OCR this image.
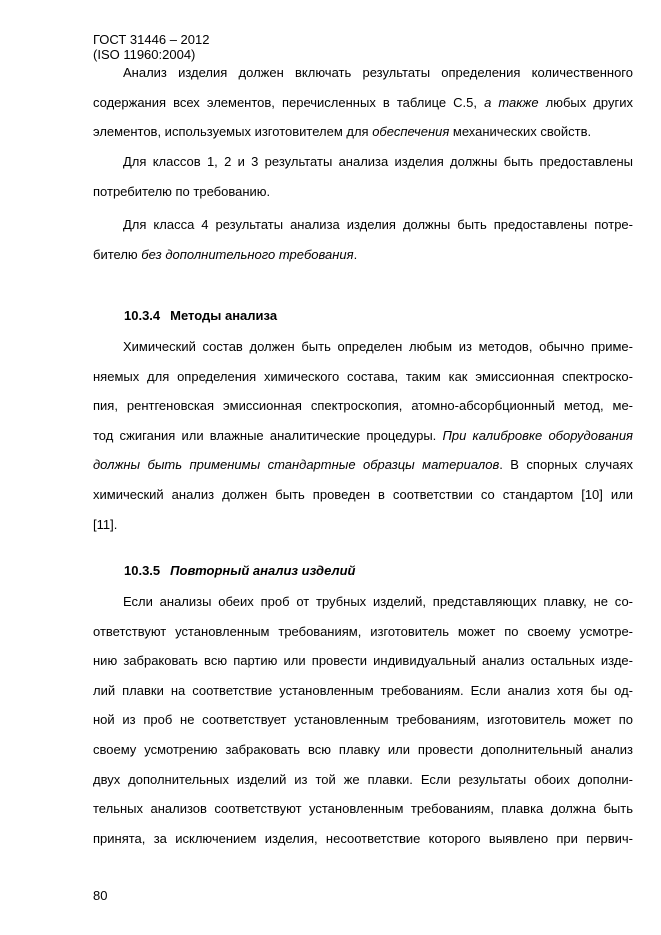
ГОСТ 31446 – 2012
(ISO 11960:2004)
Анализ изделия должен включать результаты определения количественного
содержания всех элементов, перечисленных в таблице С.5, а также любых других
элементов, используемых изготовителем для обеспечения механических свойств.
Для классов 1, 2 и 3 результаты анализа изделия должны быть предоставлены
потребителю по требованию.
Для класса 4 результаты анализа изделия должны быть предоставлены потре-
бителю без дополнительного требования.
10.3.4 Методы анализа
Химический состав должен быть определен любым из методов, обычно приме-
няемых для определения химического состава, таким как эмиссионная спектроско-
пия, рентгеновская эмиссионная спектроскопия, атомно-абсорбционный метод, ме-
тод сжигания или влажные аналитические процедуры. При калибровке оборудования
должны быть применимы стандартные образцы материалов. В спорных случаях
химический анализ должен быть проведен в соответствии со стандартом [10] или
[11].
10.3.5 Повторный анализ изделий
Если анализы обеих проб от трубных изделий, представляющих плавку, не со-
ответствуют установленным требованиям, изготовитель может по своему усмотре-
нию забраковать всю партию или провести индивидуальный анализ остальных изде-
лий плавки на соответствие установленным требованиям. Если анализ хотя бы од-
ной из проб не соответствует установленным требованиям, изготовитель может по
своему усмотрению забраковать всю плавку или провести дополнительный анализ
двух дополнительных изделий из той же плавки. Если результаты обоих дополни-
тельных анализов соответствуют установленным требованиям, плавка должна быть
принята, за исключением изделия, несоответствие которого выявлено при первич-
80
